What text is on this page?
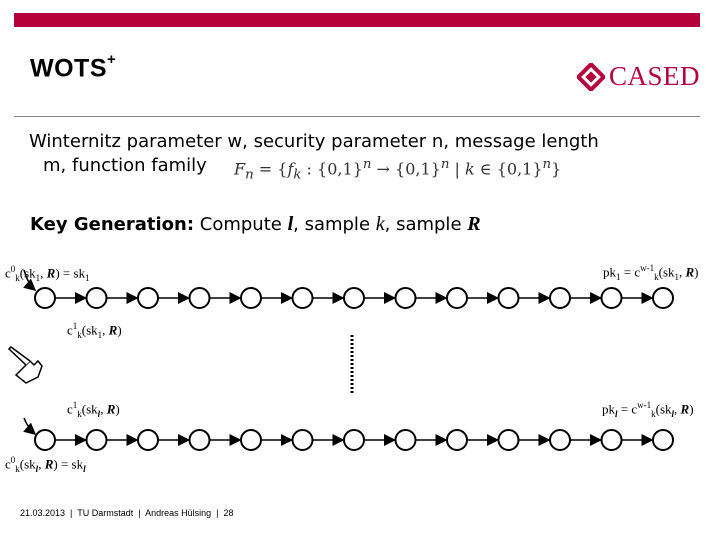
WOTS+
CASED
Winternitz parameter w, security parameter n, message length
m, function family $F_n = \{f_k$ : $\{0,1\}^n \to \{0,1\}^n$ | k ∈ $\{0,1\}^n$}
Key Generation: Compute l, sample k, sample R
$c^0_k(sk_1$, $R) = sk_1$	$pk_1 = c^{w-1}_k(sk_1$, R)
$c^1_k(sk_1$, R)
$c^1_k(sk_l$, R)	$pk_l = c^{w-1}_k(sk_l$, R)
$c^0_k(sk_l$, $R) = sk_l$
21.03.2013  |  TU Darmstadt  |  Andreas Hülsing  |  28
